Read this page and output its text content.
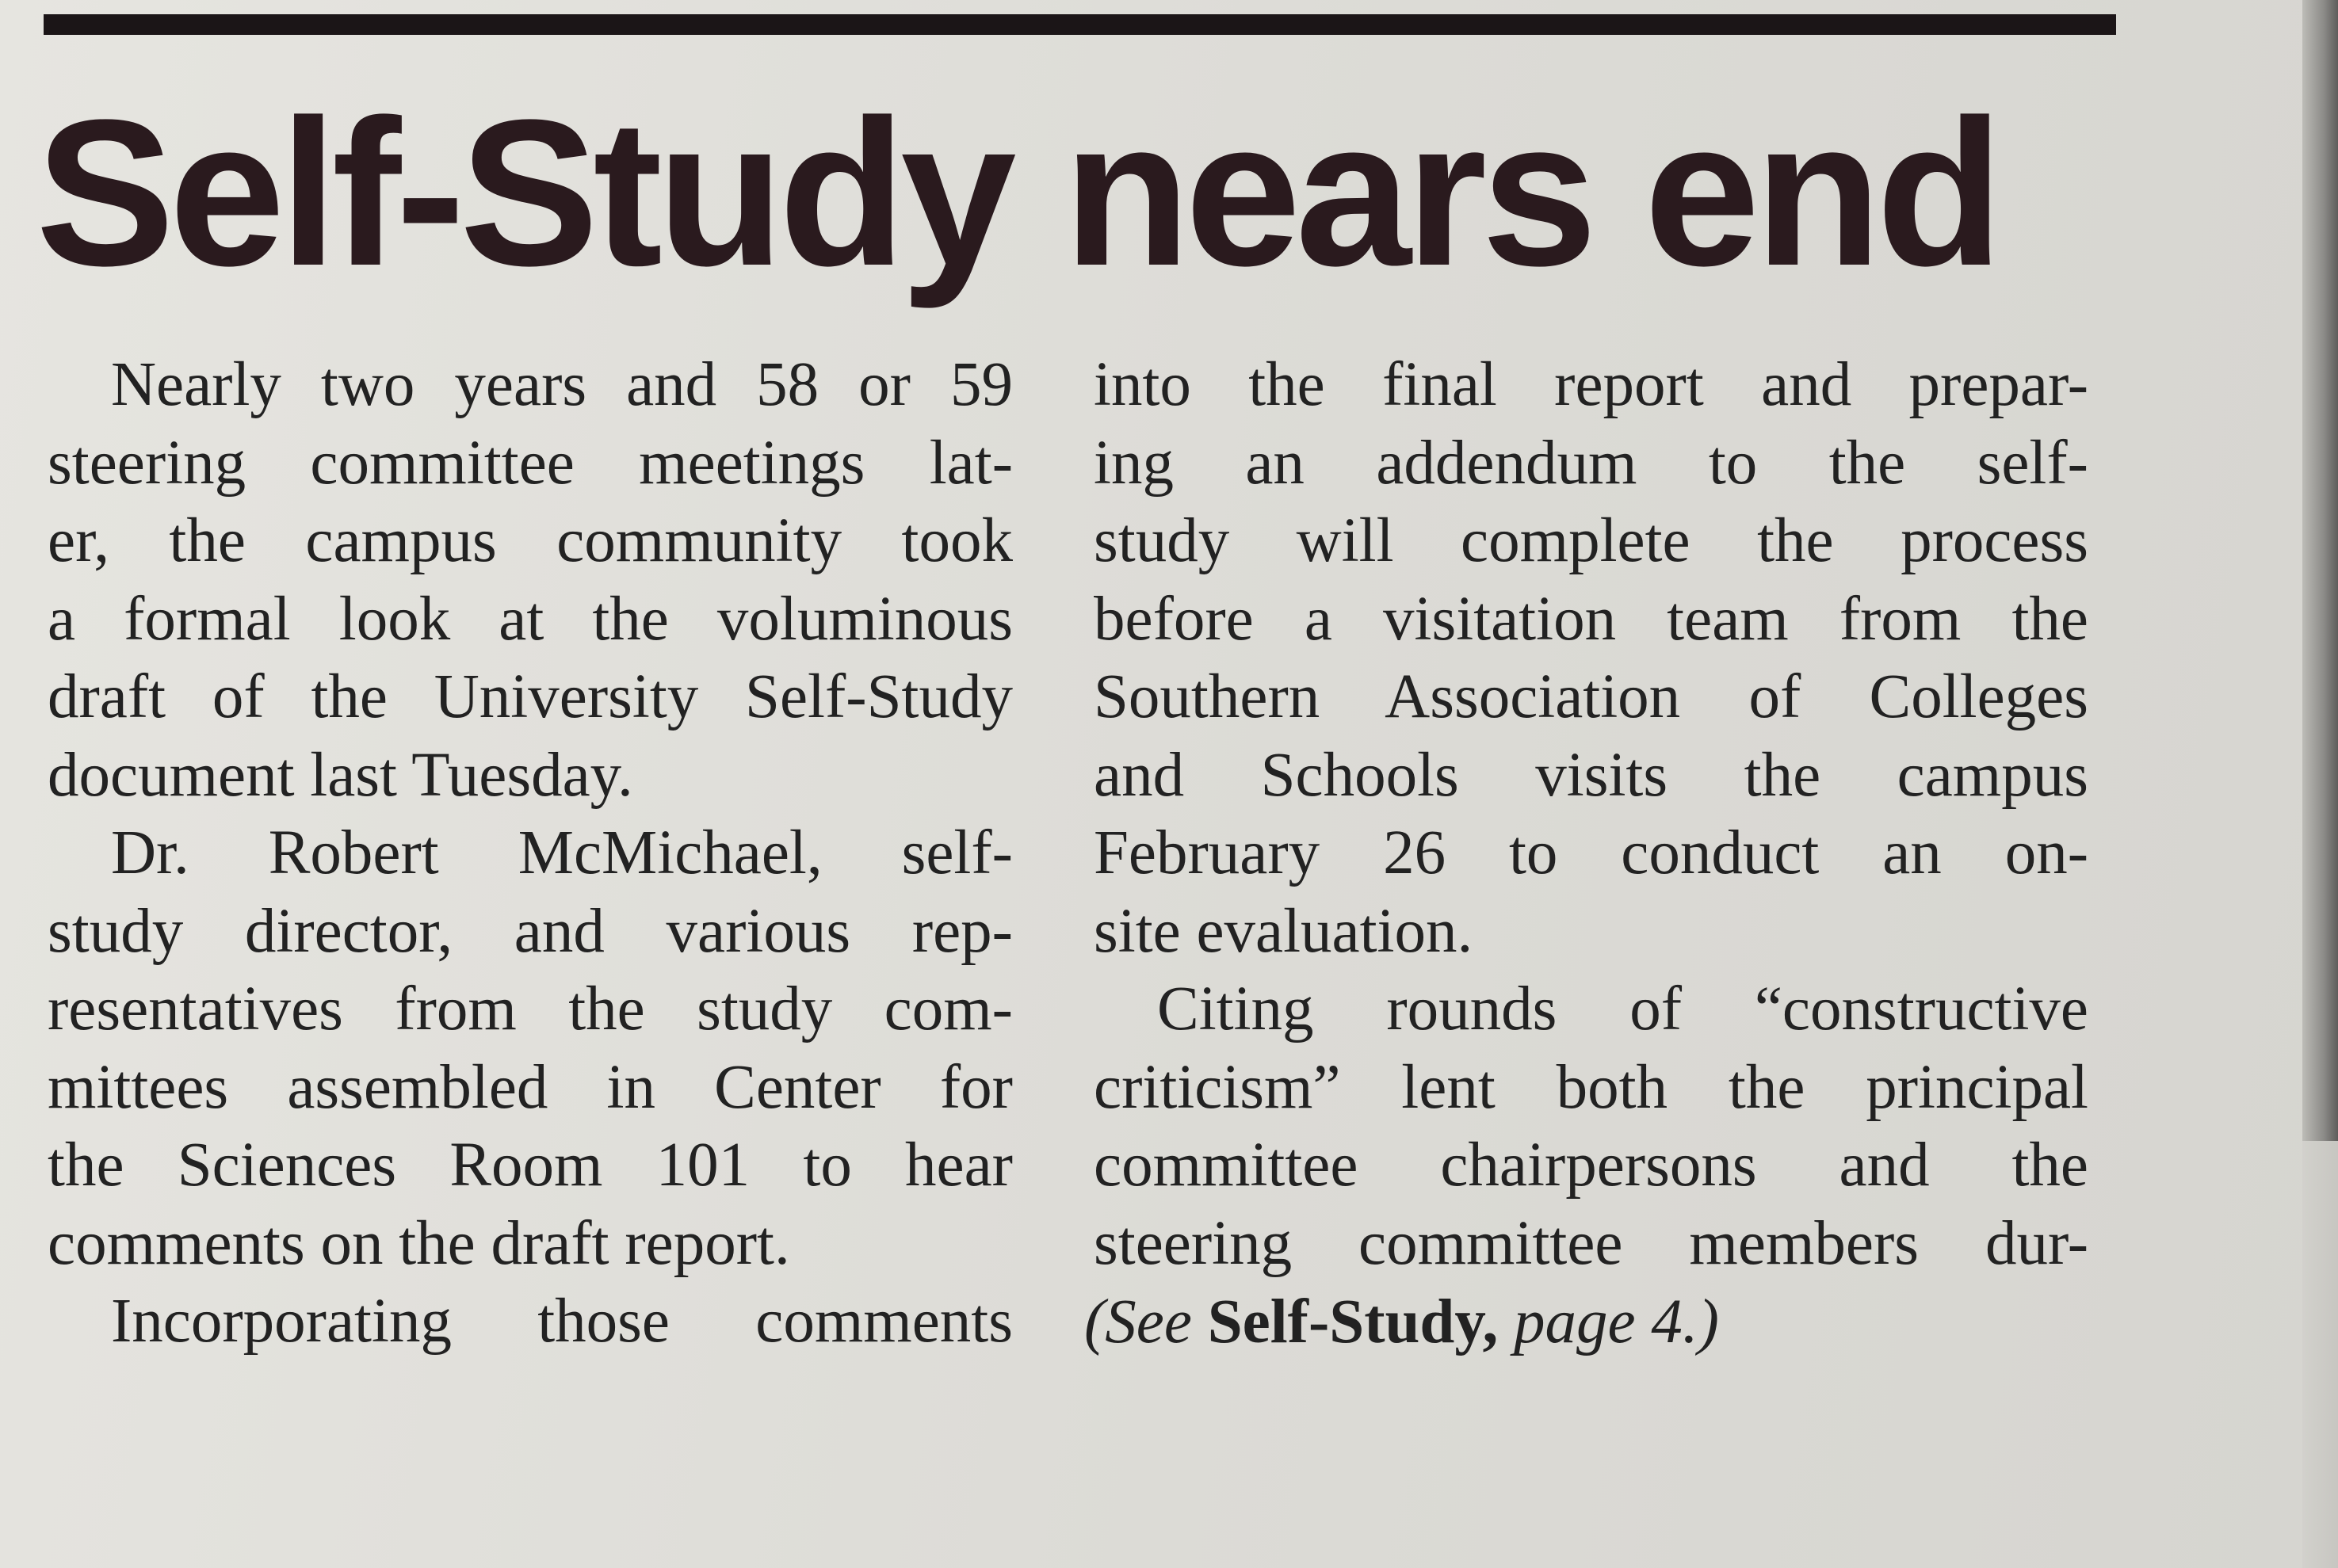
Self-Study nears end

Nearly two years and 58 or 59
steering committee meetings lat-
er, the campus community took
a formal look at the voluminous
draft of the University Self-Study
document last Tuesday.

Dr. Robert McMichael, self-
study director, and various rep-
resentatives from the study com-
mittees assembled in Center for
the Sciences Room 101 to hear
comments on the draft report.

Incorporating those comments

into the final report and prepar-
ing an addendum to the self-
study will complete the process
before a visitation team from the
Southern Association of Colleges
and Schools visits the campus
February 26 to conduct an on-
site evaluation.

Citing rounds of “constructive
criticism” lent both the principal
committee chairpersons and the
steering committee members dur-

(See Self-Study, page 4.)
